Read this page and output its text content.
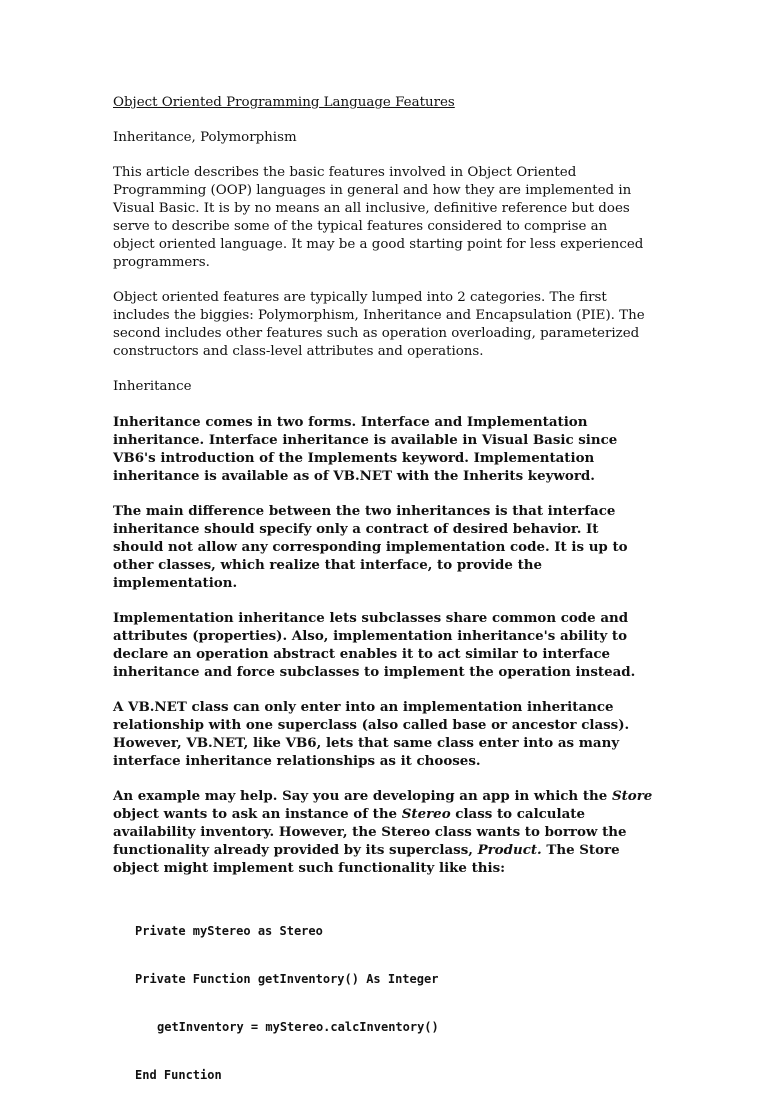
Object Oriented Programming Language Features
Inheritance, Polymorphism

This article describes the basic features involved in Object Oriented Programming (OOP) languages in general and how they are implemented in Visual Basic. It is by no means an all inclusive, definitive reference but does serve to describe some of the typical features considered to comprise an object oriented language. It may be a good starting point for less experienced programmers.

Object oriented features are typically lumped into 2 categories. The first includes the biggies: Polymorphism, Inheritance and Encapsulation (PIE). The second includes other features such as operation overloading, parameterized constructors and class-level attributes and operations.

Inheritance

Inheritance comes in two forms. Interface and Implementation inheritance. Interface inheritance is available in Visual Basic since VB6's introduction of the Implements keyword. Implementation inheritance is available as of VB.NET with the Inherits keyword.

The main difference between the two inheritances is that interface inheritance should specify only a contract of desired behavior. It should not allow any corresponding implementation code. It is up to other classes, which realize that interface, to provide the implementation.

Implementation inheritance lets subclasses share common code and attributes (properties). Also, implementation inheritance's ability to declare an operation abstract enables it to act similar to interface inheritance and force subclasses to implement the operation instead.

A VB.NET class can only enter into an implementation inheritance relationship with one superclass (also called base or ancestor class). However, VB.NET, like VB6, lets that same class enter into as many interface inheritance relationships as it chooses.

An example may help. Say you are developing an app in which the Store object wants to ask an instance of the Stereo class to calculate availability inventory. However, the Stereo class wants to borrow the functionality already provided by its superclass, Product. The Store object might implement such functionality like this:

Private myStereo as Stereo

Private Function getInventory() As Integer

getInventory = myStereo.calcInventory()

End Function
